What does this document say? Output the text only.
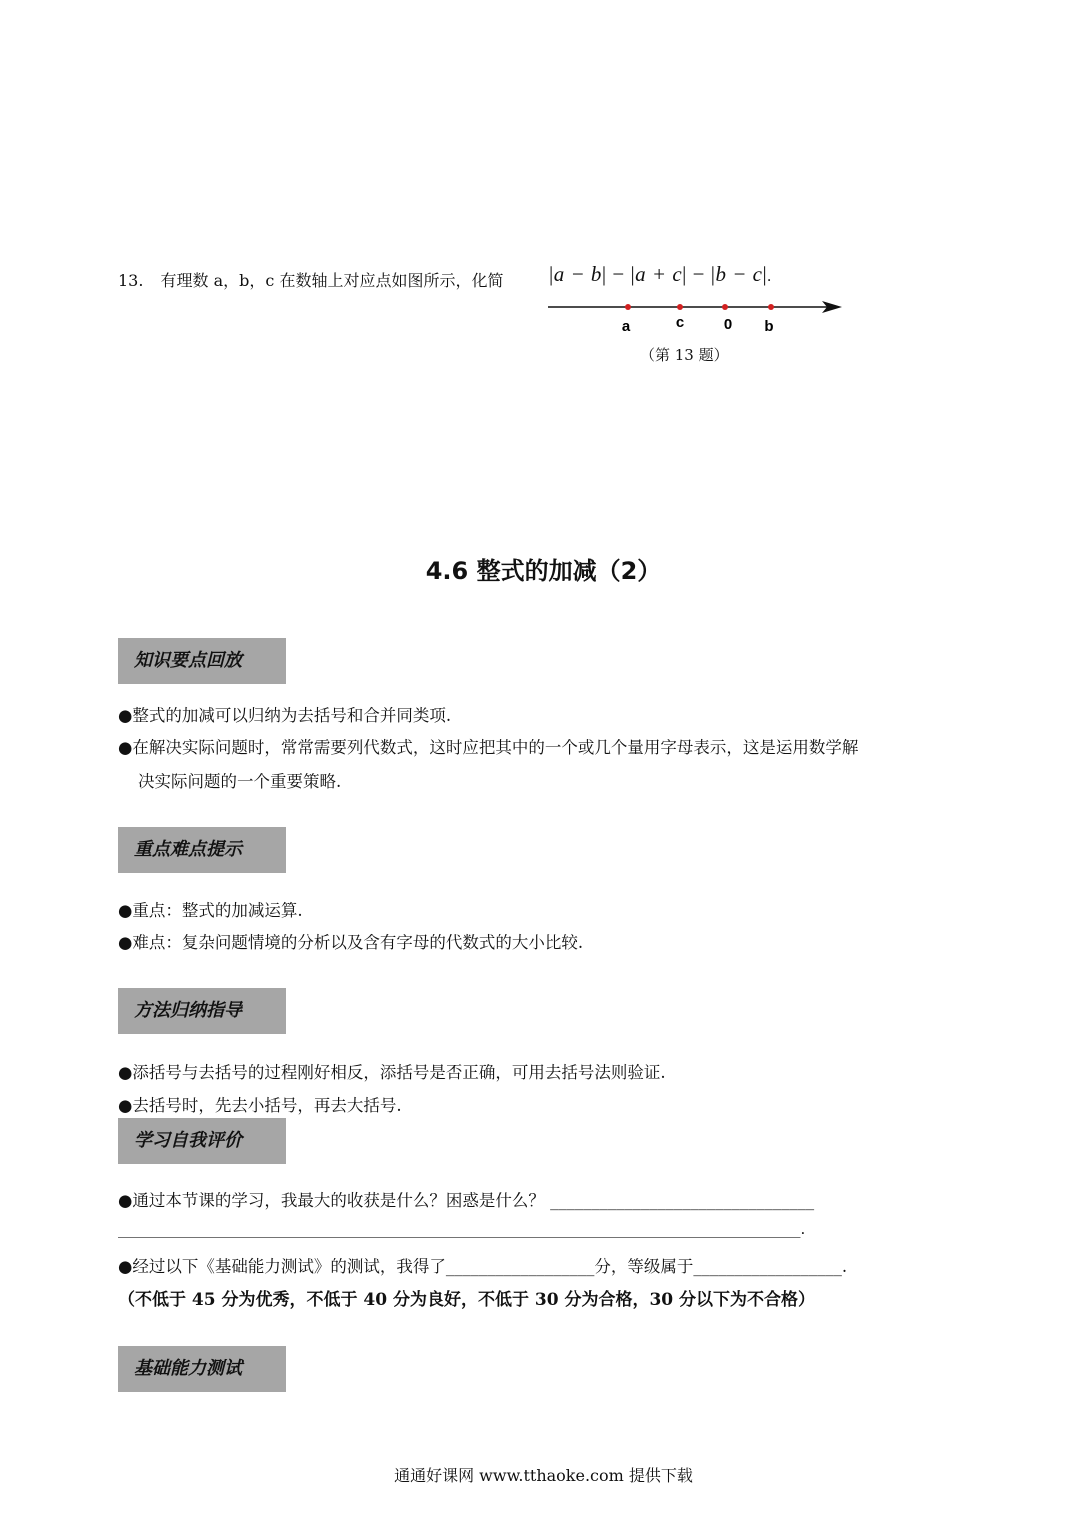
13. 有理数 a，b，c 在数轴上对应点如图所示，化简 |a − b| − |a + c| − |b − c|.
a	c	0 b
（第 13 题）
4.6 整式的加减（2）
知识要点回放
●整式的加减可以归纳为去括号和合并同类项.
●在解决实际问题时，常常需要列代数式，这时应把其中的一个或几个量用字母表示，这是运用数学解
决实际问题的一个重要策略.
重点难点提示
●重点：整式的加减运算.
●难点：复杂问题情境的分析以及含有字母的代数式的大小比较.
方法归纳指导
●添括号与去括号的过程刚好相反，添括号是否正确，可用去括号法则验证.
●去括号时，先去小括号，再去大括号.
学习自我评价
●通过本节课的学习，我最大的收获是什么？困惑是什么？ ________________________________
___________________________________________________________________________________________.
●经过以下《基础能力测试》的测试，我得了__________________分，等级属于__________________.
（不低于 45 分为优秀，不低于 40 分为良好，不低于 30 分为合格，30 分以下为不合格）
基础能力测试
通通好课网 www.tthaoke.com 提供下载
